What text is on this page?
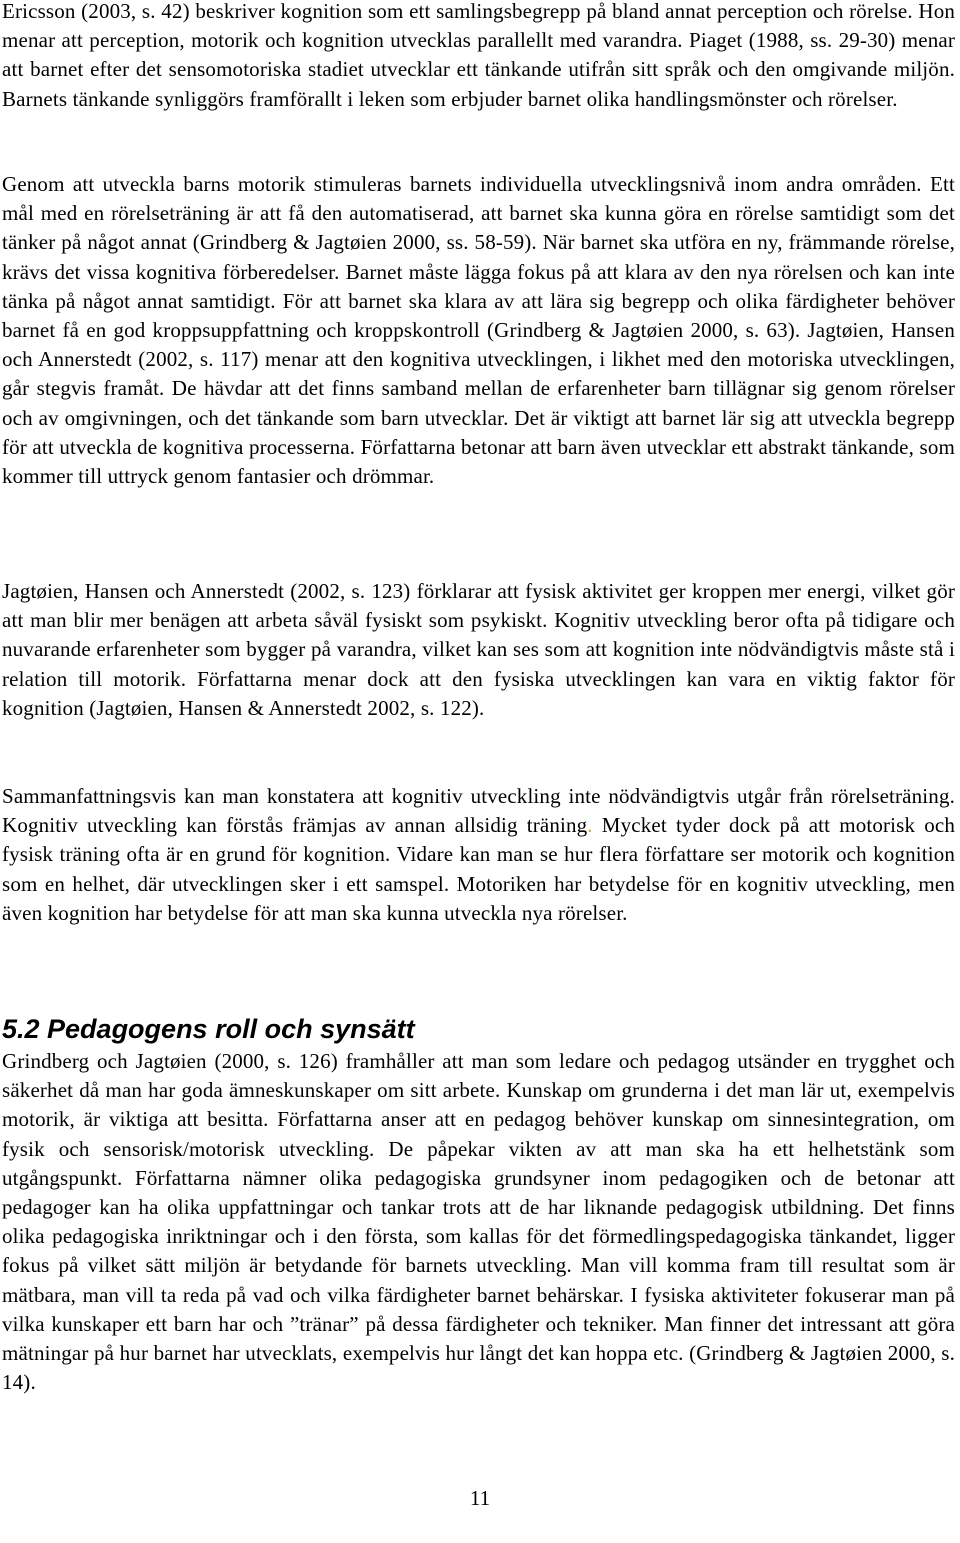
Ericsson (2003, s. 42) beskriver kognition som ett samlingsbegrepp på bland annat perception och rörelse. Hon menar att perception, motorik och kognition utvecklas parallellt med varandra. Piaget (1988, ss. 29-30) menar att barnet efter det sensomotoriska stadiet utvecklar ett tänkande utifrån sitt språk och den omgivande miljön. Barnets tänkande synliggörs framförallt i leken som erbjuder barnet olika handlingsmönster och rörelser.

Genom att utveckla barns motorik stimuleras barnets individuella utvecklingsnivå inom andra områden. Ett mål med en rörelseträning är att få den automatiserad, att barnet ska kunna göra en rörelse samtidigt som det tänker på något annat (Grindberg & Jagtøien 2000, ss. 58-59). När barnet ska utföra en ny, främmande rörelse, krävs det vissa kognitiva förberedelser. Barnet måste lägga fokus på att klara av den nya rörelsen och kan inte tänka på något annat samtidigt. För att barnet ska klara av att lära sig begrepp och olika färdigheter behöver barnet få en god kroppsuppfattning och kroppskontroll (Grindberg & Jagtøien 2000, s. 63). Jagtøien, Hansen och Annerstedt (2002, s. 117) menar att den kognitiva utvecklingen, i likhet med den motoriska utvecklingen, går stegvis framåt. De hävdar att det finns samband mellan de erfarenheter barn tillägnar sig genom rörelser och av omgivningen, och det tänkande som barn utvecklar. Det är viktigt att barnet lär sig att utveckla begrepp för att utveckla de kognitiva processerna. Författarna betonar att barn även utvecklar ett abstrakt tänkande, som kommer till uttryck genom fantasier och drömmar.

Jagtøien, Hansen och Annerstedt (2002, s. 123) förklarar att fysisk aktivitet ger kroppen mer energi, vilket gör att man blir mer benägen att arbeta såväl fysiskt som psykiskt. Kognitiv utveckling beror ofta på tidigare och nuvarande erfarenheter som bygger på varandra, vilket kan ses som att kognition inte nödvändigtvis måste stå i relation till motorik. Författarna menar dock att den fysiska utvecklingen kan vara en viktig faktor för kognition (Jagtøien, Hansen & Annerstedt 2002, s. 122).

Sammanfattningsvis kan man konstatera att kognitiv utveckling inte nödvändigtvis utgår från rörelseträning. Kognitiv utveckling kan förstås främjas av annan allsidig träning. Mycket tyder dock på att motorisk och fysisk träning ofta är en grund för kognition. Vidare kan man se hur flera författare ser motorik och kognition som en helhet, där utvecklingen sker i ett samspel. Motoriken har betydelse för en kognitiv utveckling, men även kognition har betydelse för att man ska kunna utveckla nya rörelser.

5.2 Pedagogens roll och synsätt

Grindberg och Jagtøien (2000, s. 126) framhåller att man som ledare och pedagog utsänder en trygghet och säkerhet då man har goda ämneskunskaper om sitt arbete. Kunskap om grunderna i det man lär ut, exempelvis motorik, är viktiga att besitta. Författarna anser att en pedagog behöver kunskap om sinnesintegration, om fysik och sensorisk/motorisk utveckling. De påpekar vikten av att man ska ha ett helhetstänk som utgångspunkt. Författarna nämner olika pedagogiska grundsyner inom pedagogiken och de betonar att pedagoger kan ha olika uppfattningar och tankar trots att de har liknande pedagogisk utbildning. Det finns olika pedagogiska inriktningar och i den första, som kallas för det förmedlingspedagogiska tänkandet, ligger fokus på vilket sätt miljön är betydande för barnets utveckling. Man vill komma fram till resultat som är mätbara, man vill ta reda på vad och vilka färdigheter barnet behärskar. I fysiska aktiviteter fokuserar man på vilka kunskaper ett barn har och ”tränar” på dessa färdigheter och tekniker. Man finner det intressant att göra mätningar på hur barnet har utvecklats, exempelvis hur långt det kan hoppa etc. (Grindberg & Jagtøien 2000, s. 14).

11
